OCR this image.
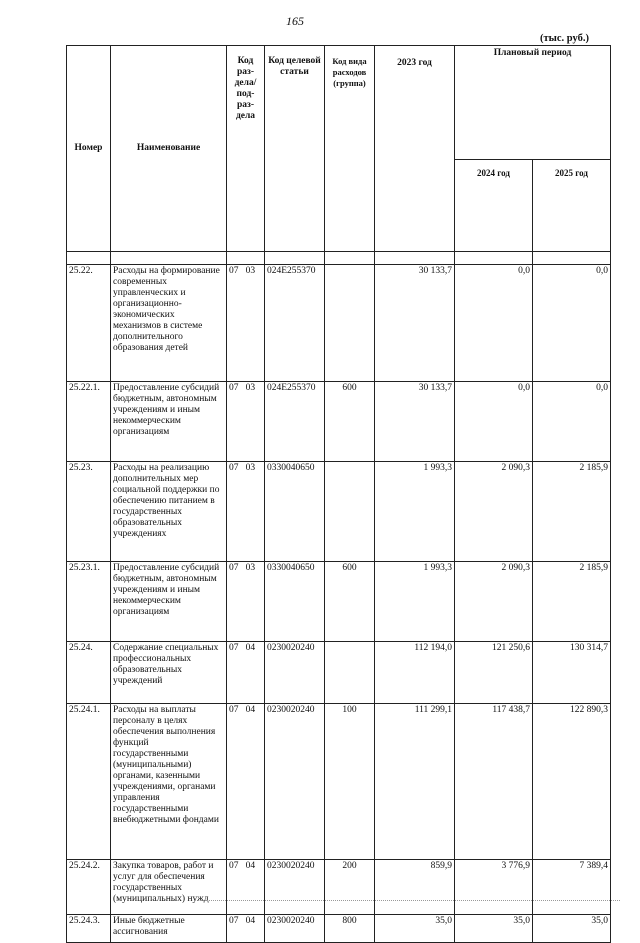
165
(тыс. руб.)
Номер	Наименование	Код раз-дела/ под-раз-дела	Код целевой статьи	Код вида расходов (группа)	2023 год	Плановый период	
						2024 год	2025 год

25.22.	Расходы на формирование современных управленческих и организационно-экономических механизмов в системе дополнительного образования детей	07 03	024E255370		30 133,7	0,0	0,0
25.22.1.	Предоставление субсидий бюджетным, автономным учреждениям и иным некоммерческим организациям	07 03	024E255370	600	30 133,7	0,0	0,0
25.23.	Расходы на реализацию дополнительных мер социальной поддержки по обеспечению питанием в государственных образовательных учреждениях	07 03	0330040650		1 993,3	2 090,3	2 185,9
25.23.1.	Предоставление субсидий бюджетным, автономным учреждениям и иным некоммерческим организациям	07 03	0330040650	600	1 993,3	2 090,3	2 185,9
25.24.	Содержание специальных профессиональных образовательных учреждений	07 04	0230020240		112 194,0	121 250,6	130 314,7
25.24.1.	Расходы на выплаты персоналу в целях обеспечения выполнения функций государственными (муниципальными) органами, казенными учреждениями, органами управления государственными внебюджетными фондами	07 04	0230020240	100	111 299,1	117 438,7	122 890,3
25.24.2.	Закупка товаров, работ и услуг для обеспечения государственных (муниципальных) нужд	07 04	0230020240	200	859,9	3 776,9	7 389,4
25.24.3.	Иные бюджетные ассигнования	07 04	0230020240	800	35,0	35,0	35,0
